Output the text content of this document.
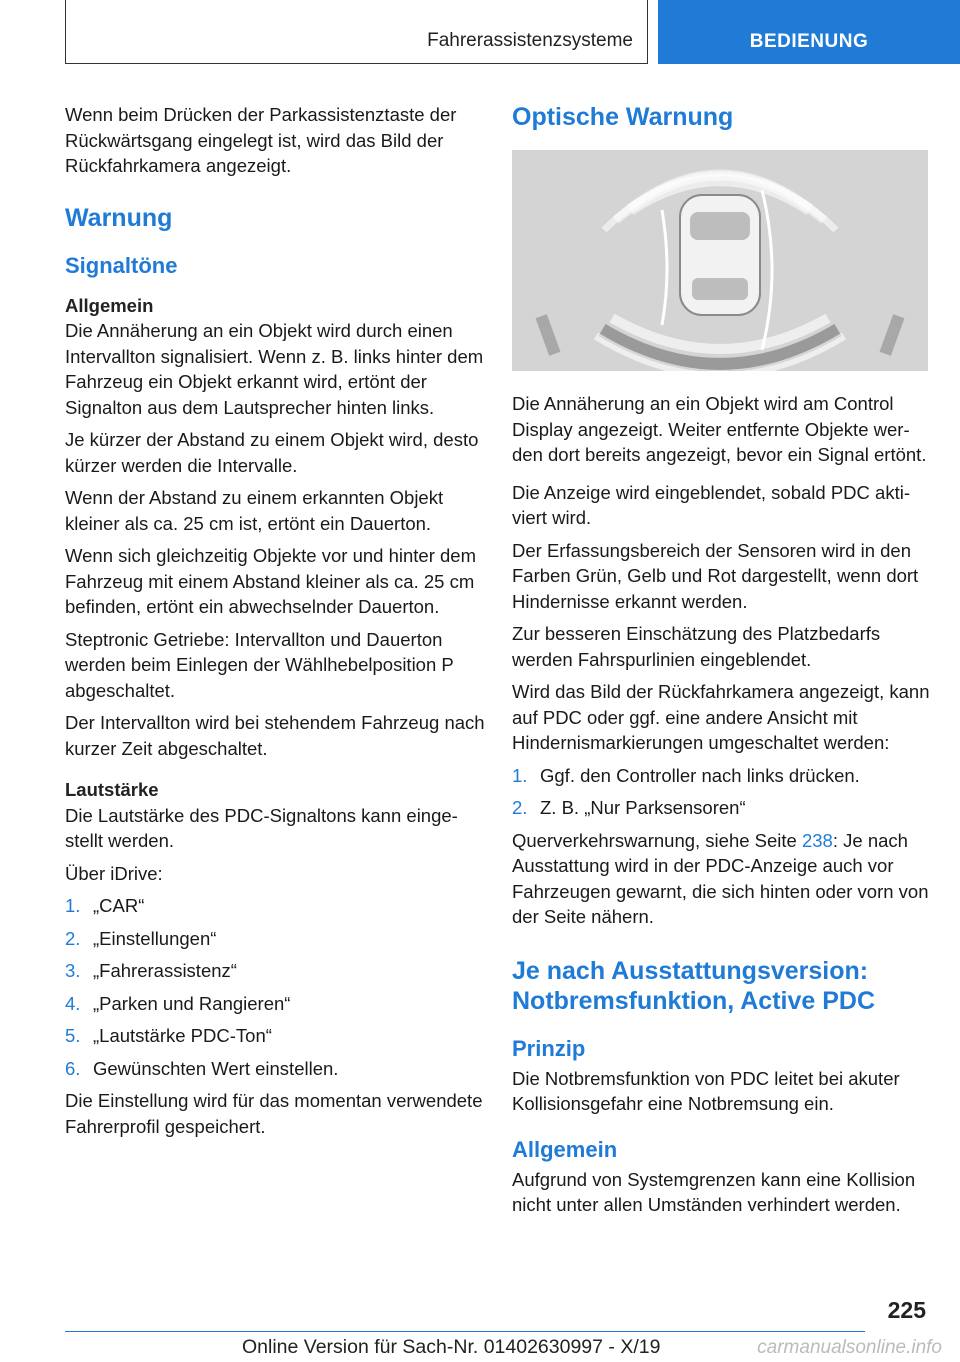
Fahrerassistenzsysteme	BEDIENUNG

Wenn beim Drücken der Parkassistenztaste der Rückwärtsgang eingelegt ist, wird das Bild der Rückfahrkamera angezeigt.

Warnung
Signaltöne
Allgemein

Die Annäherung an ein Objekt wird durch einen Intervallton signalisiert. Wenn z. B. links hinter dem Fahrzeug ein Objekt erkannt wird, ertönt der Signalton aus dem Lautsprecher hinten links.

Je kürzer der Abstand zu einem Objekt wird, desto kürzer werden die Intervalle.

Wenn der Abstand zu einem erkannten Objekt kleiner als ca. 25 cm ist, ertönt ein Dauerton.

Wenn sich gleichzeitig Objekte vor und hinter dem Fahrzeug mit einem Abstand kleiner als ca. 25 cm befinden, ertönt ein abwechselnder Dauerton.

Steptronic Getriebe: Intervallton und Dauerton werden beim Einlegen der Wählhebelposition P abgeschaltet.

Der Intervallton wird bei stehendem Fahrzeug nach kurzer Zeit abgeschaltet.

Lautstärke

Die Lautstärke des PDC-Signaltons kann eingestellt werden.

Über iDrive:

1. „CAR“
2. „Einstellungen“
3. „Fahrerassistenz“
4. „Parken und Rangieren“
5. „Lautstärke PDC-Ton“
6. Gewünschten Wert einstellen.

Die Einstellung wird für das momentan verwendete Fahrerprofil gespeichert.

Optische Warnung

Die Annäherung an ein Objekt wird am Control Display angezeigt. Weiter entfernte Objekte werden dort bereits angezeigt, bevor ein Signal ertönt.

Die Anzeige wird eingeblendet, sobald PDC aktiviert wird.

Der Erfassungsbereich der Sensoren wird in den Farben Grün, Gelb und Rot dargestellt, wenn dort Hindernisse erkannt werden.

Zur besseren Einschätzung des Platzbedarfs werden Fahrspurlinien eingeblendet.

Wird das Bild der Rückfahrkamera angezeigt, kann auf PDC oder ggf. eine andere Ansicht mit Hindernismarkierungen umgeschaltet werden:

1. Ggf. den Controller nach links drücken.
2. Z. B. „Nur Parksensoren“

Querverkehrswarnung, siehe Seite 238: Je nach Ausstattung wird in der PDC-Anzeige auch vor Fahrzeugen gewarnt, die sich hinten oder vorn von der Seite nähern.

Je nach Ausstattungsversion: Notbremsfunktion, Active PDC
Prinzip

Die Notbremsfunktion von PDC leitet bei akuter Kollisionsgefahr eine Notbremsung ein.

Allgemein

Aufgrund von Systemgrenzen kann eine Kollision nicht unter allen Umständen verhindert werden.

225
Online Version für Sach-Nr. 01402630997 - X/19	carmanualsonline.info
